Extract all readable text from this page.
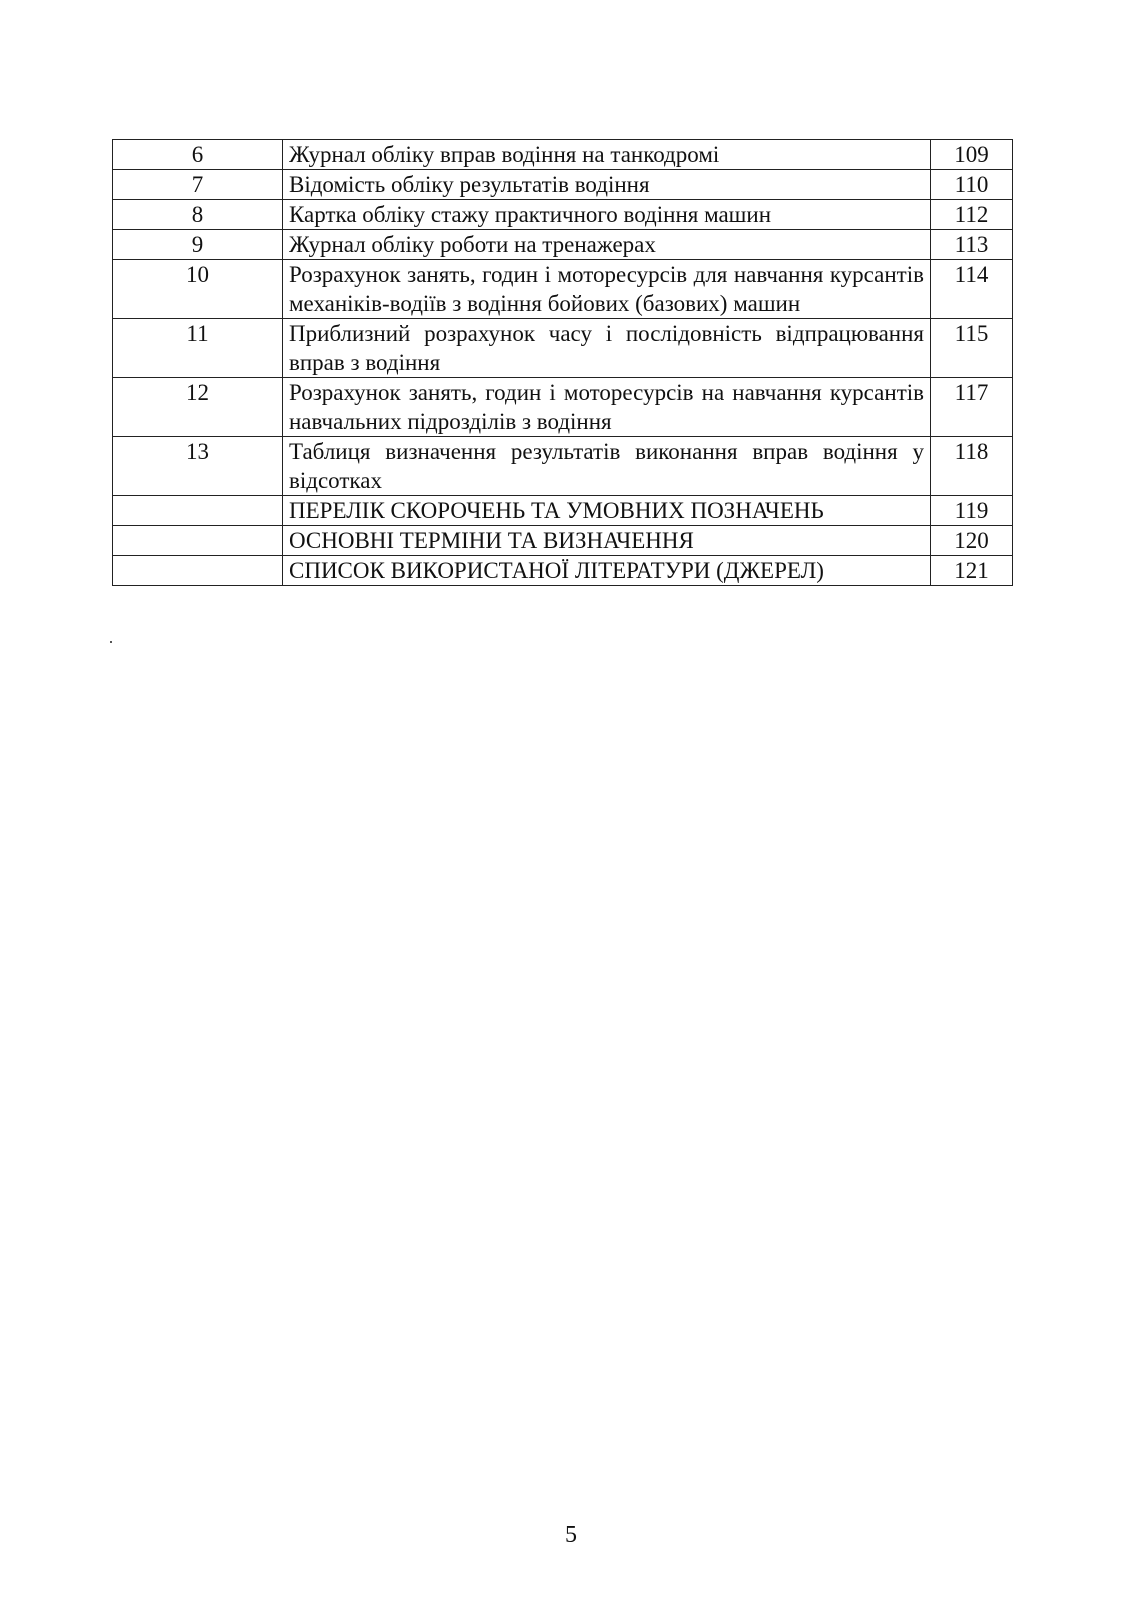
6	Журнал обліку вправ водіння на танкодромі	109
7	Відомість обліку результатів водіння	110
8	Картка обліку стажу практичного водіння машин	112
9	Журнал обліку роботи на тренажерах	113
10	Розрахунок занять, годин і моторесурсів для навчання курсантів механіків-водіїв з водіння бойових (базових) машин	114
11	Приблизний розрахунок часу і послідовність відпрацювання вправ з водіння	115
12	Розрахунок занять, годин і моторесурсів на навчання курсантів навчальних підрозділів з водіння	117
13	Таблиця визначення результатів виконання вправ водіння у відсотках	118
	ПЕРЕЛІК СКОРОЧЕНЬ ТА УМОВНИХ ПОЗНАЧЕНЬ	119
	ОСНОВНІ ТЕРМІНИ ТА ВИЗНАЧЕННЯ	120
	СПИСОК ВИКОРИСТАНОЇ ЛІТЕРАТУРИ (ДЖЕРЕЛ)	121
5
